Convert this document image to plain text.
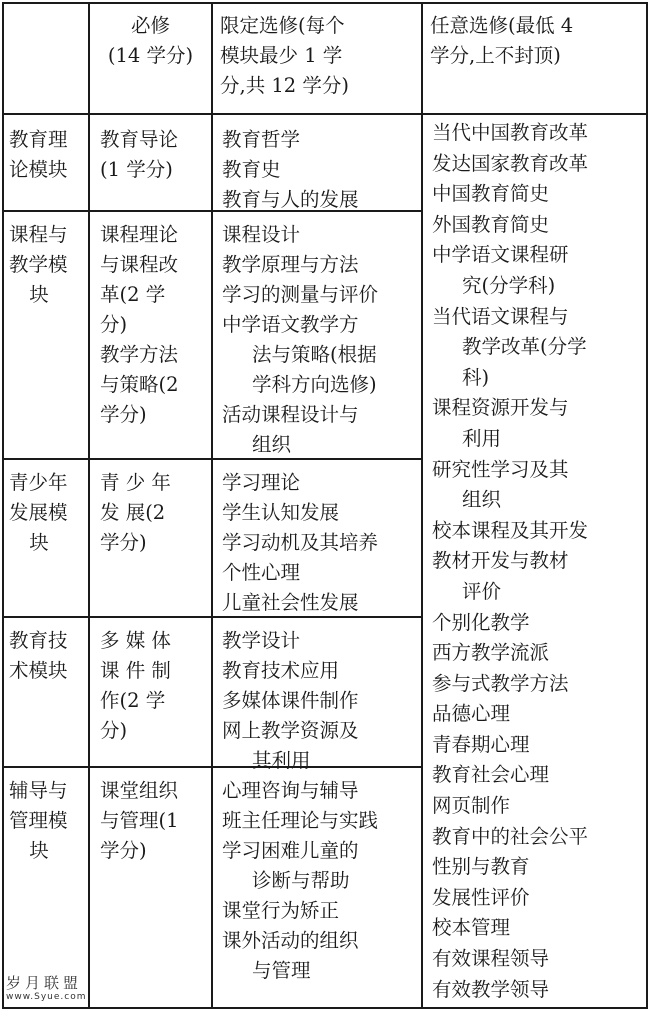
必修
(14 学分)
限定选修(每个
模块最少 1 学
分,共 12 学分)
任意选修(最低 4
学分,上不封顶)
教育理
论模块
教育导论
(1 学分)
教育哲学
教育史
教育与人的发展
课程与
教学模
块
课程理论
与课程改
革(2 学
分)
教学方法
与策略(2
学分)
课程设计
教学原理与方法
学习的测量与评价
中学语文教学方
法与策略(根据
学科方向选修)
活动课程设计与
组织
青少年
发展模
块
青 少 年
发 展(2
学分)
学习理论
学生认知发展
学习动机及其培养
个性心理
儿童社会性发展
教育技
术模块
多 媒 体
课 件 制
作(2 学
分)
教学设计
教育技术应用
多媒体课件制作
网上教学资源及
其利用
辅导与
管理模
块
课堂组织
与管理(1
学分)
心理咨询与辅导
班主任理论与实践
学习困难儿童的
诊断与帮助
课堂行为矫正
课外活动的组织
与管理
当代中国教育改革
发达国家教育改革
中国教育简史
外国教育简史
中学语文课程研
究(分学科)
当代语文课程与
教学改革(分学
科)
课程资源开发与
利用
研究性学习及其
组织
校本课程及其开发
教材开发与教材
评价
个别化教学
西方教学流派
参与式教学方法
品德心理
青春期心理
教育社会心理
网页制作
教育中的社会公平
性别与教育
发展性评价
校本管理
有效课程领导
有效教学领导
岁月联盟
www.Syue.com
